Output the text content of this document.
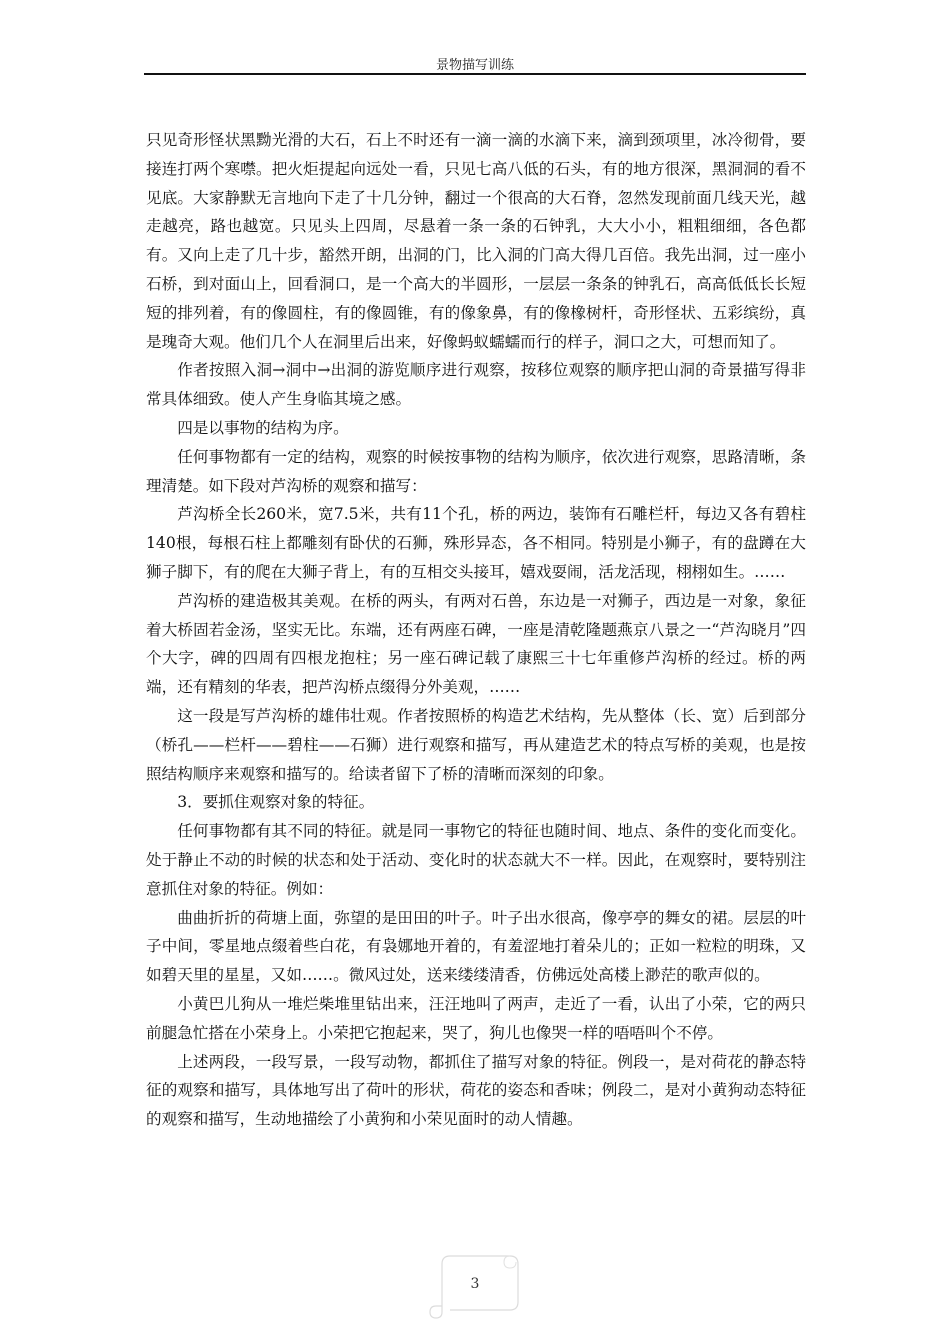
景物描写训练

只见奇形怪状黑黝光滑的大石，石上不时还有一滴一滴的水滴下来，滴到颈项里，冰冷彻骨，要接连打两个寒噤。把火炬提起向远处一看，只见七高八低的石头，有的地方很深，黑洞洞的看不见底。大家静默无言地向下走了十几分钟，翻过一个很高的大石脊，忽然发现前面几线天光，越走越亮，路也越宽。只见头上四周，尽悬着一条一条的石钟乳，大大小小，粗粗细细，各色都有。又向上走了几十步，豁然开朗，出洞的门，比入洞的门高大得几百倍。我先出洞，过一座小石桥，到对面山上，回看洞口，是一个高大的半圆形，一层层一条条的钟乳石，高高低低长长短短的排列着，有的像圆柱，有的像圆锥，有的像象鼻，有的像橡树杆，奇形怪状、五彩缤纷，真是瑰奇大观。他们几个人在洞里后出来，好像蚂蚁蠕蠕而行的样子，洞口之大，可想而知了。

作者按照入洞→洞中→出洞的游览顺序进行观察，按移位观察的顺序把山洞的奇景描写得非常具体细致。使人产生身临其境之感。

四是以事物的结构为序。

任何事物都有一定的结构，观察的时候按事物的结构为顺序，依次进行观察，思路清晰，条理清楚。如下段对芦沟桥的观察和描写：

芦沟桥全长260米，宽7.5米，共有11个孔，桥的两边，装饰有石雕栏杆，每边又各有碧柱140根，每根石柱上都雕刻有卧伏的石狮，殊形异态，各不相同。特别是小狮子，有的盘蹲在大狮子脚下，有的爬在大狮子背上，有的互相交头接耳，嬉戏耍闹，活龙活现，栩栩如生。……

芦沟桥的建造极其美观。在桥的两头，有两对石兽，东边是一对狮子，西边是一对象，象征着大桥固若金汤，坚实无比。东端，还有两座石碑，一座是清乾隆题燕京八景之一“芦沟晓月”四个大字，碑的四周有四根龙抱柱；另一座石碑记载了康熙三十七年重修芦沟桥的经过。桥的两端，还有精刻的华表，把芦沟桥点缀得分外美观，……

这一段是写芦沟桥的雄伟壮观。作者按照桥的构造艺术结构，先从整体（长、宽）后到部分（桥孔——栏杆——碧柱——石狮）进行观察和描写，再从建造艺术的特点写桥的美观，也是按照结构顺序来观察和描写的。给读者留下了桥的清晰而深刻的印象。

3．要抓住观察对象的特征。

任何事物都有其不同的特征。就是同一事物它的特征也随时间、地点、条件的变化而变化。处于静止不动的时候的状态和处于活动、变化时的状态就大不一样。因此，在观察时，要特别注意抓住对象的特征。例如：

曲曲折折的荷塘上面，弥望的是田田的叶子。叶子出水很高，像亭亭的舞女的裙。层层的叶子中间，零星地点缀着些白花，有袅娜地开着的，有羞涩地打着朵儿的；正如一粒粒的明珠，又如碧天里的星星，又如……。微风过处，送来缕缕清香，仿佛远处高楼上渺茫的歌声似的。

小黄巴儿狗从一堆烂柴堆里钻出来，汪汪地叫了两声，走近了一看，认出了小荣，它的两只前腿急忙搭在小荣身上。小荣把它抱起来，哭了，狗儿也像哭一样的唔唔叫个不停。

上述两段，一段写景，一段写动物，都抓住了描写对象的特征。例段一，是对荷花的静态特征的观察和描写，具体地写出了荷叶的形状，荷花的姿态和香味；例段二，是对小黄狗动态特征的观察和描写，生动地描绘了小黄狗和小荣见面时的动人情趣。

3
